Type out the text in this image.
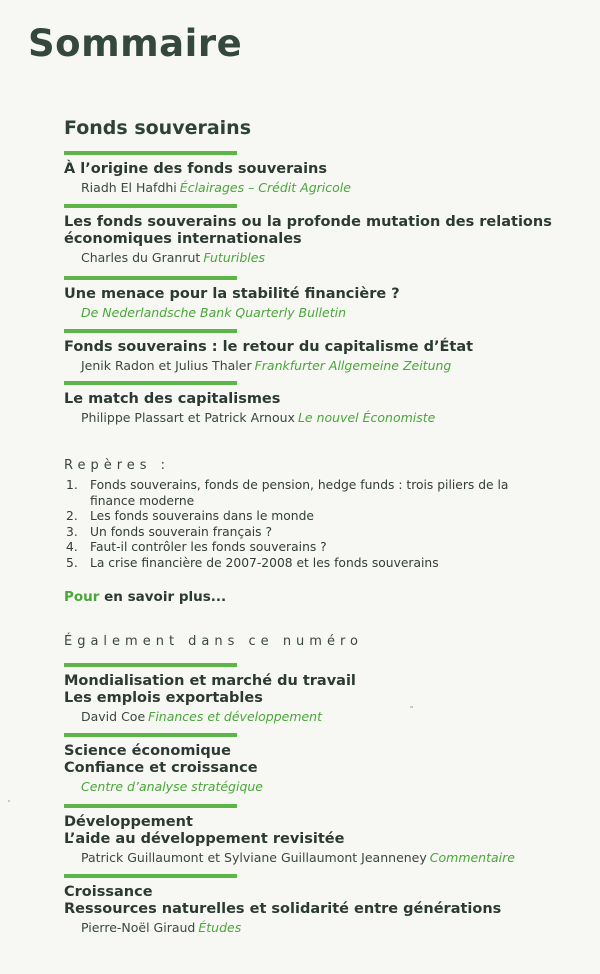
Sommaire
Fonds souverains
À l’origine des fonds souverains
Riadh El Hafdhi Éclairages – Crédit Agricole
Les fonds souverains ou la profonde mutation des relations économiques internationales
Charles du Granrut Futuribles
Une menace pour la stabilité financière ?
De Nederlandsche Bank Quarterly Bulletin
Fonds souverains : le retour du capitalisme d’État
Jenik Radon et Julius Thaler Frankfurter Allgemeine Zeitung
Le match des capitalismes
Philippe Plassart et Patrick Arnoux Le nouvel Économiste
Repères :
1. Fonds souverains, fonds de pension, hedge funds : trois piliers de la finance moderne
2. Les fonds souverains dans le monde
3. Un fonds souverain français ?
4. Faut-il contrôler les fonds souverains ?
5. La crise financière de 2007-2008 et les fonds souverains
Pour en savoir plus...
Également dans ce numéro
Mondialisation et marché du travail
Les emplois exportables
David Coe Finances et développement
Science économique
Confiance et croissance
Centre d’analyse stratégique
Développement
L’aide au développement revisitée
Patrick Guillaumont et Sylviane Guillaumont Jeanneney Commentaire
Croissance
Ressources naturelles et solidarité entre générations
Pierre-Noël Giraud Études
